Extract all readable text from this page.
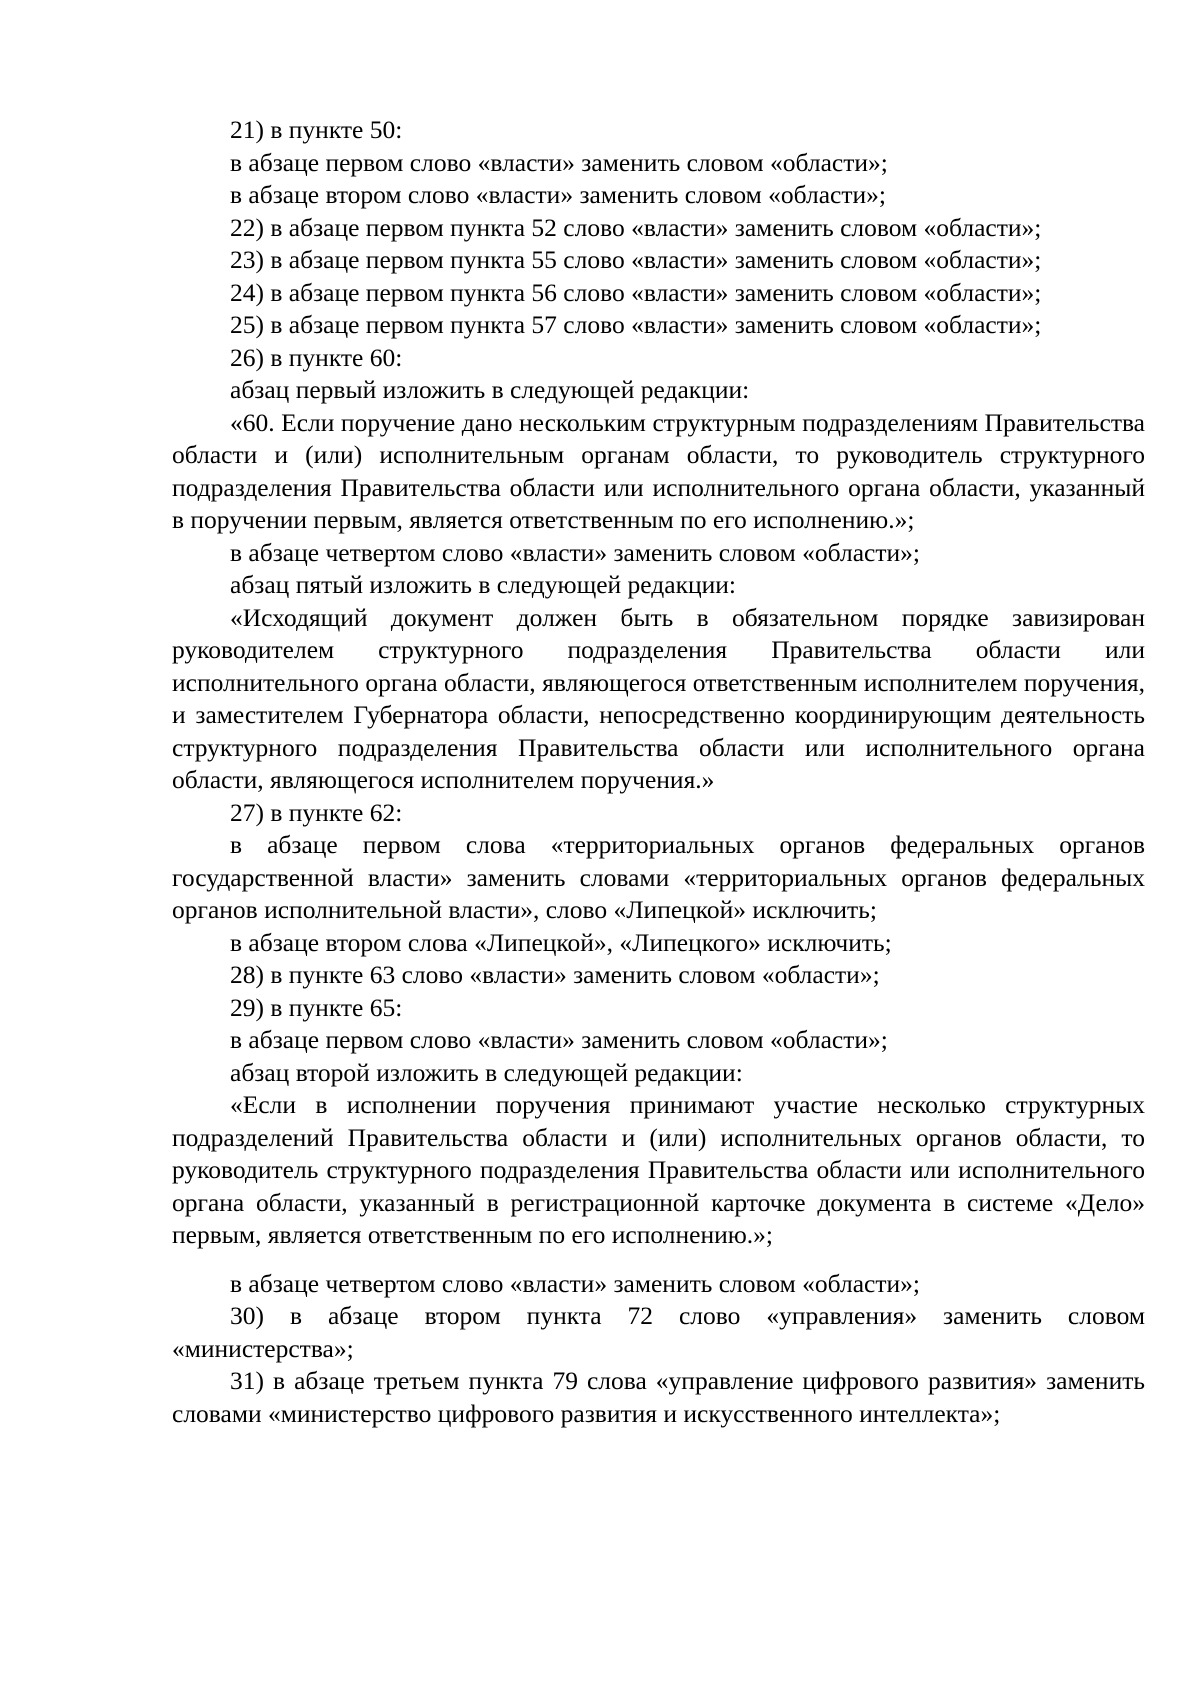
21) в пункте 50:

в абзаце первом слово «власти» заменить словом «области»;

в абзаце втором слово «власти» заменить словом «области»;

22) в абзаце первом пункта 52 слово «власти» заменить словом «области»;

23) в абзаце первом пункта 55 слово «власти» заменить словом «области»;

24) в абзаце первом пункта 56 слово «власти» заменить словом «области»;

25) в абзаце первом пункта 57 слово «власти» заменить словом «области»;

26) в пункте 60:

абзац первый изложить в следующей редакции:

«60. Если поручение дано нескольким структурным подразделениям Правительства области и (или) исполнительным органам области, то руководитель структурного подразделения Правительства области или исполнительного органа области, указанный в поручении первым, является ответственным по его исполнению.»;

в абзаце четвертом слово «власти» заменить словом «области»;

абзац пятый изложить в следующей редакции:

«Исходящий документ должен быть в обязательном порядке завизирован руководителем структурного подразделения Правительства области или исполнительного органа области, являющегося ответственным исполнителем поручения, и заместителем Губернатора области, непосредственно координирующим деятельность структурного подразделения Правительства области или исполнительного органа области, являющегося исполнителем поручения.»

27) в пункте 62:

в абзаце первом слова «территориальных органов федеральных органов государственной власти» заменить словами «территориальных органов федеральных органов исполнительной власти», слово «Липецкой» исключить;

в абзаце втором слова «Липецкой», «Липецкого» исключить;

28) в пункте 63 слово «власти» заменить словом «области»;

29) в пункте 65:

в абзаце первом слово «власти» заменить словом «области»;

абзац второй изложить в следующей редакции:

«Если в исполнении поручения принимают участие несколько структурных подразделений Правительства области и (или) исполнительных органов области, то руководитель структурного подразделения Правительства области или исполнительного органа области, указанный в регистрационной карточке документа в системе «Дело» первым, является ответственным по его исполнению.»;

в абзаце четвертом слово «власти» заменить словом «области»;

30) в абзаце втором пункта 72 слово «управления» заменить словом «министерства»;

31) в абзаце третьем пункта 79 слова «управление цифрового развития» заменить словами «министерство цифрового развития и искусственного интеллекта»;
